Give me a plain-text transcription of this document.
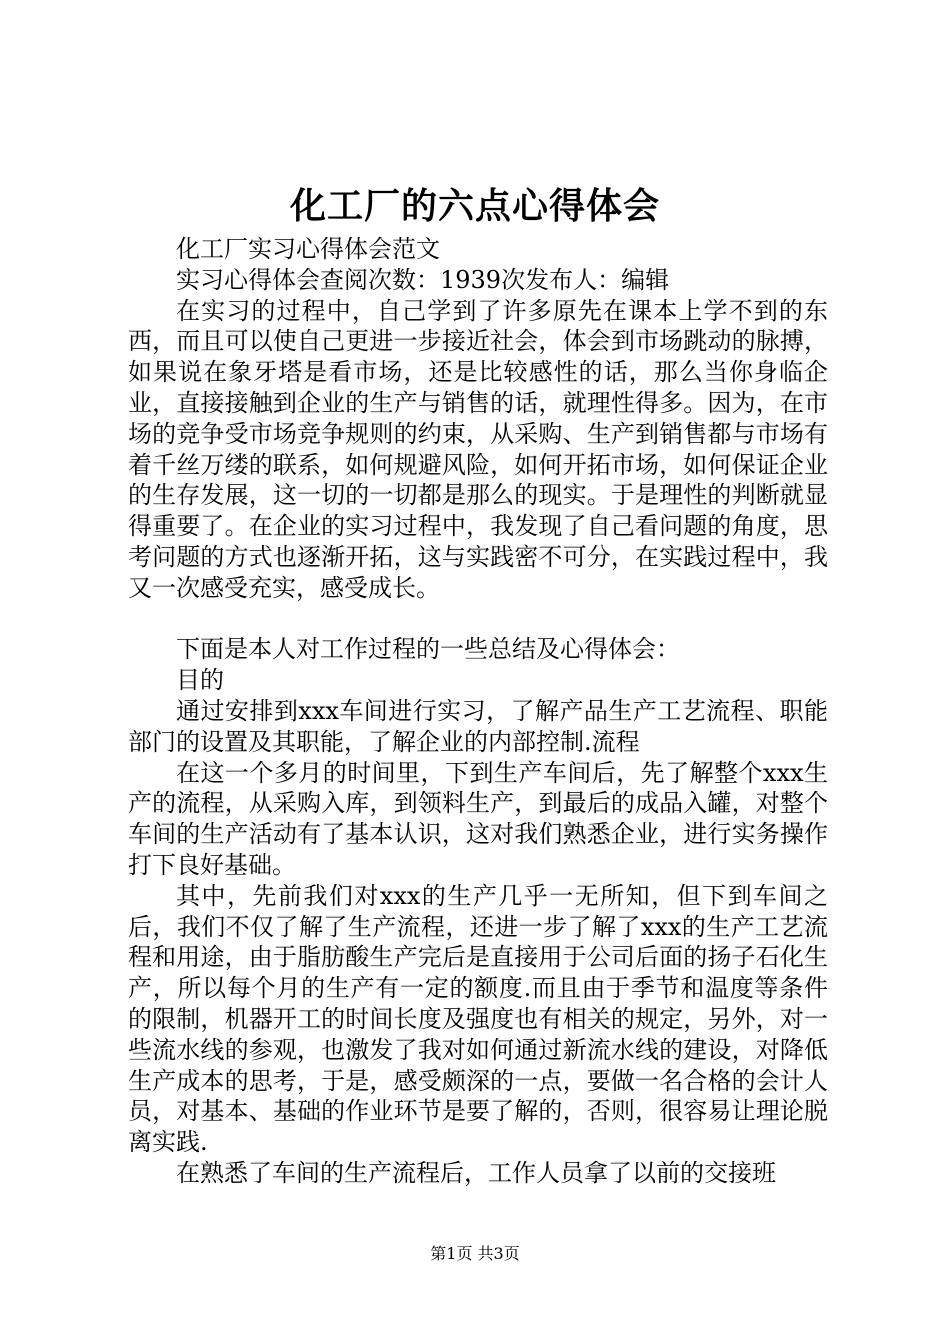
化工厂的六点心得体会

化工厂实习心得体会范文

实习心得体会查阅次数：1939次发布人：编辑

在实习的过程中，自己学到了许多原先在课本上学不到的东西，而且可以使自己更进一步接近社会，体会到市场跳动的脉搏，如果说在象牙塔是看市场，还是比较感性的话，那么当你身临企业，直接接触到企业的生产与销售的话，就理性得多。因为，在市场的竞争受市场竞争规则的约束，从采购、生产到销售都与市场有着千丝万缕的联系，如何规避风险，如何开拓市场，如何保证企业的生存发展，这一切的一切都是那么的现实。于是理性的判断就显得重要了。在企业的实习过程中，我发现了自己看问题的角度，思考问题的方式也逐渐开拓，这与实践密不可分，在实践过程中，我又一次感受充实，感受成长。

下面是本人对工作过程的一些总结及心得体会：

目的

通过安排到xxx车间进行实习，了解产品生产工艺流程、职能部门的设置及其职能，了解企业的内部控制.流程

在这一个多月的时间里，下到生产车间后，先了解整个xxx生产的流程，从采购入库，到领料生产，到最后的成品入罐，对整个车间的生产活动有了基本认识，这对我们熟悉企业，进行实务操作打下良好基础。

其中，先前我们对xxx的生产几乎一无所知，但下到车间之后，我们不仅了解了生产流程，还进一步了解了xxx的生产工艺流程和用途，由于脂肪酸生产完后是直接用于公司后面的扬子石化生产，所以每个月的生产有一定的额度.而且由于季节和温度等条件的限制，机器开工的时间长度及强度也有相关的规定，另外，对一些流水线的参观，也激发了我对如何通过新流水线的建设，对降低生产成本的思考，于是，感受颇深的一点，要做一名合格的会计人员，对基本、基础的作业环节是要了解的，否则，很容易让理论脱离实践.

在熟悉了车间的生产流程后，工作人员拿了以前的交接班

第1页 共3页
